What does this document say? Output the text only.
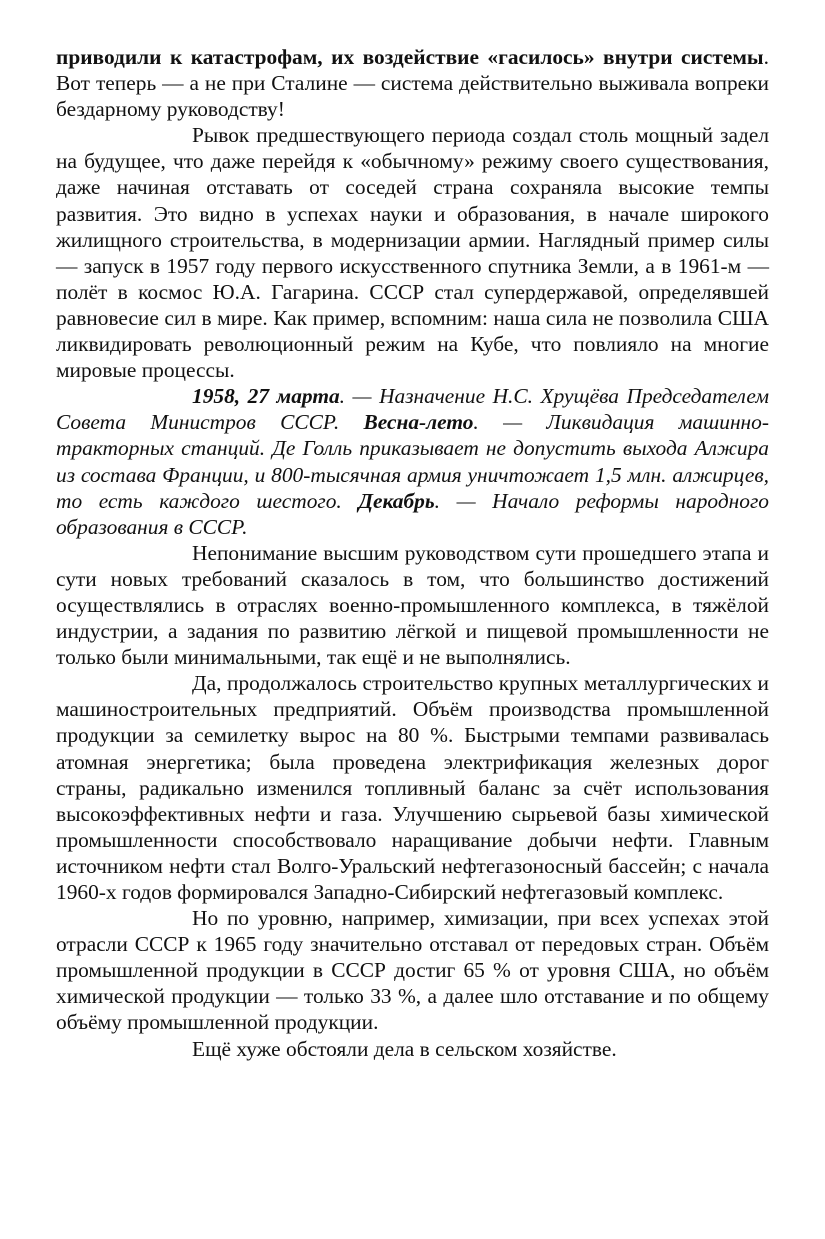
приводили к катастрофам, их воздействие «гасилось» внутри системы. Вот теперь — а не при Сталине — система действительно выживала вопреки бездарному руководству!

Рывок предшествующего периода создал столь мощный задел на будущее, что даже перейдя к «обычному» режиму своего существования, даже начиная отставать от соседей страна сохраняла высокие темпы развития. Это видно в успехах науки и образования, в начале широкого жилищного строительства, в модернизации армии. Наглядный пример силы — запуск в 1957 году первого искусственного спутника Земли, а в 1961-м — полёт в космос Ю.А. Гагарина. СССР стал супердержавой, определявшей равновесие сил в мире. Как пример, вспомним: наша сила не позволила США ликвидировать революционный режим на Кубе, что повлияло на многие мировые процессы.

1958, 27 марта. — Назначение Н.С. Хрущёва Председателем Совета Министров СССР. Весна-лето. — Ликвидация машинно-тракторных станций. Де Голль приказывает не допустить выхода Алжира из состава Франции, и 800-тысячная армия уничтожает 1,5 млн. алжирцев, то есть каждого шестого. Декабрь. — Начало реформы народного образования в СССР.

Непонимание высшим руководством сути прошедшего этапа и сути новых требований сказалось в том, что большинство достижений осуществлялись в отраслях военно-промышленного комплекса, в тяжёлой индустрии, а задания по развитию лёгкой и пищевой промышленности не только были минимальными, так ещё и не выполнялись.

Да, продолжалось строительство крупных металлургических и машиностроительных предприятий. Объём производства промышленной продукции за семилетку вырос на 80 %. Быстрыми темпами развивалась атомная энергетика; была проведена электрификация железных дорог страны, радикально изменился топливный баланс за счёт использования высокоэффективных нефти и газа. Улучшению сырьевой базы химической промышленности способствовало наращивание добычи нефти. Главным источником нефти стал Волго-Уральский нефтегазоносный бассейн; с начала 1960-х годов формировался Западно-Сибирский нефтегазовый комплекс.

Но по уровню, например, химизации, при всех успехах этой отрасли СССР к 1965 году значительно отставал от передовых стран. Объём промышленной продукции в СССР достиг 65 % от уровня США, но объём химической продукции — только 33 %, а далее шло отставание и по общему объёму промышленной продукции.

Ещё хуже обстояли дела в сельском хозяйстве.
